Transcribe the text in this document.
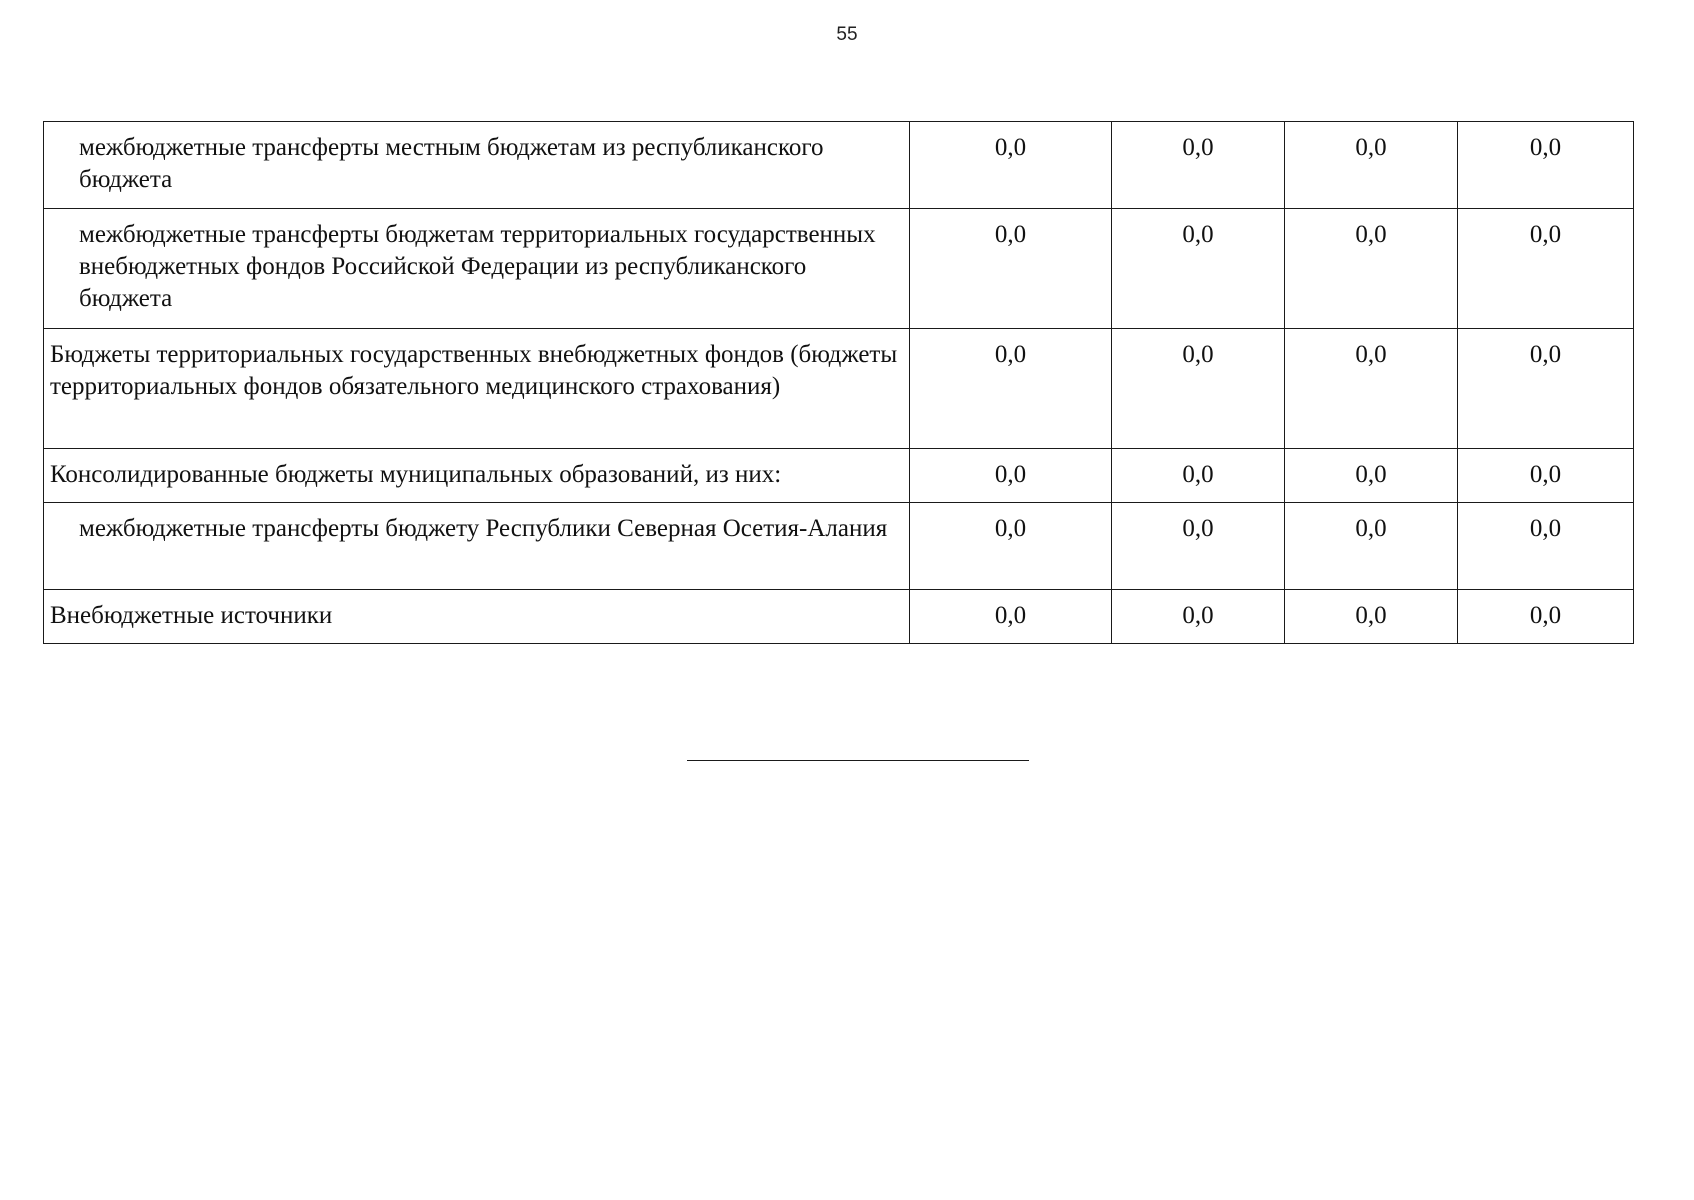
55
межбюджетные трансферты местным бюджетам из республиканского бюджета	0,0	0,0	0,0	0,0
межбюджетные трансферты бюджетам территориальных государственных внебюджетных фондов Российской Федерации из республиканского бюджета	0,0	0,0	0,0	0,0
Бюджеты территориальных государственных внебюджетных фондов (бюджеты территориальных фондов обязательного медицинского страхования)	0,0	0,0	0,0	0,0
Консолидированные бюджеты муниципальных образований, из них:	0,0	0,0	0,0	0,0
межбюджетные трансферты бюджету Республики Северная Осетия-Алания	0,0	0,0	0,0	0,0
Внебюджетные источники	0,0	0,0	0,0	0,0
